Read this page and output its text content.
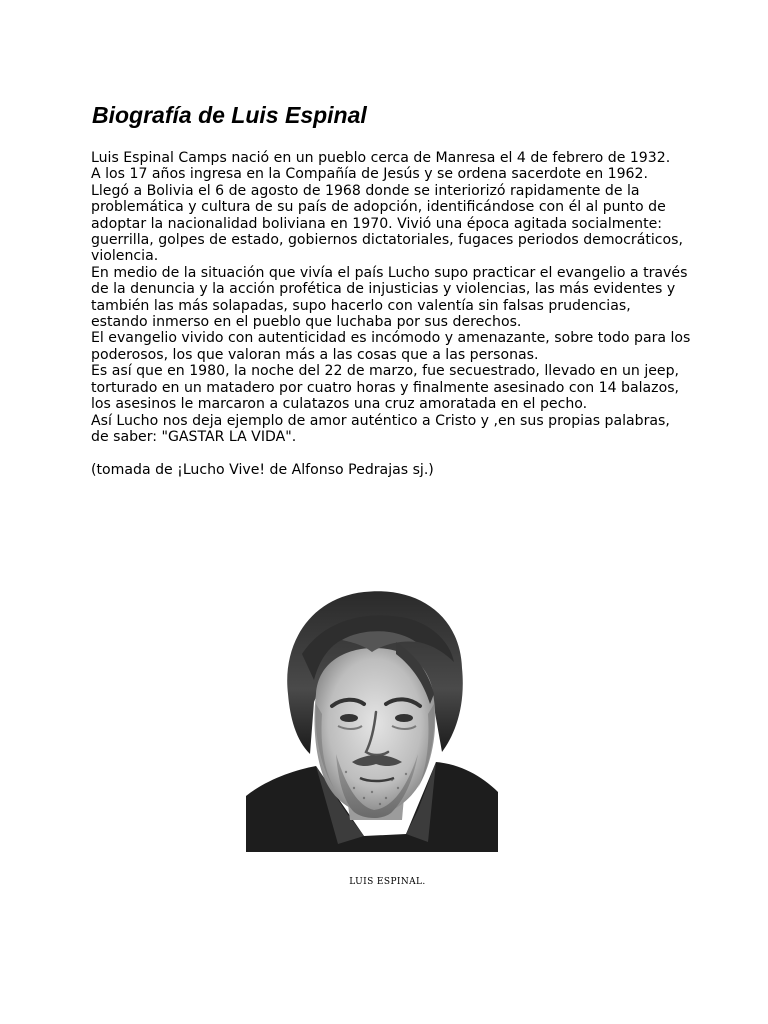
Biografía de Luis Espinal

Luis Espinal Camps nació en un pueblo cerca de Manresa el 4 de febrero de 1932.

A los 17 años ingresa en la Compañía de Jesús y se ordena sacerdote en 1962.

Llegó a Bolivia el 6 de agosto de 1968 donde se interiorizó rapidamente de la problemática y cultura de su país de adopción, identificándose con él al punto de adoptar la nacionalidad boliviana en 1970. Vivió una época agitada socialmente: guerrilla, golpes de estado, gobiernos dictatoriales, fugaces periodos democráticos, violencia.

En medio de la situación que vivía el país Lucho supo practicar el evangelio a través de la denuncia y la acción profética de injusticias y violencias, las más evidentes y también las más solapadas, supo hacerlo con valentía sin falsas prudencias, estando inmerso en el pueblo que luchaba por sus derechos.

El evangelio vivido con autenticidad es incómodo y amenazante, sobre todo para los poderosos, los que valoran más a las cosas que a las personas.

Es así que en 1980, la noche del 22 de marzo, fue secuestrado, llevado en un jeep, torturado en un matadero por cuatro horas y finalmente asesinado con 14 balazos, los asesinos le marcaron a culatazos una cruz amoratada en el pecho.

Así Lucho nos deja ejemplo de amor auténtico a Cristo y ,en sus propias palabras, de saber: "GASTAR LA VIDA".

(tomada de ¡Lucho Vive! de Alfonso Pedrajas sj.)

LUIS ESPINAL.
